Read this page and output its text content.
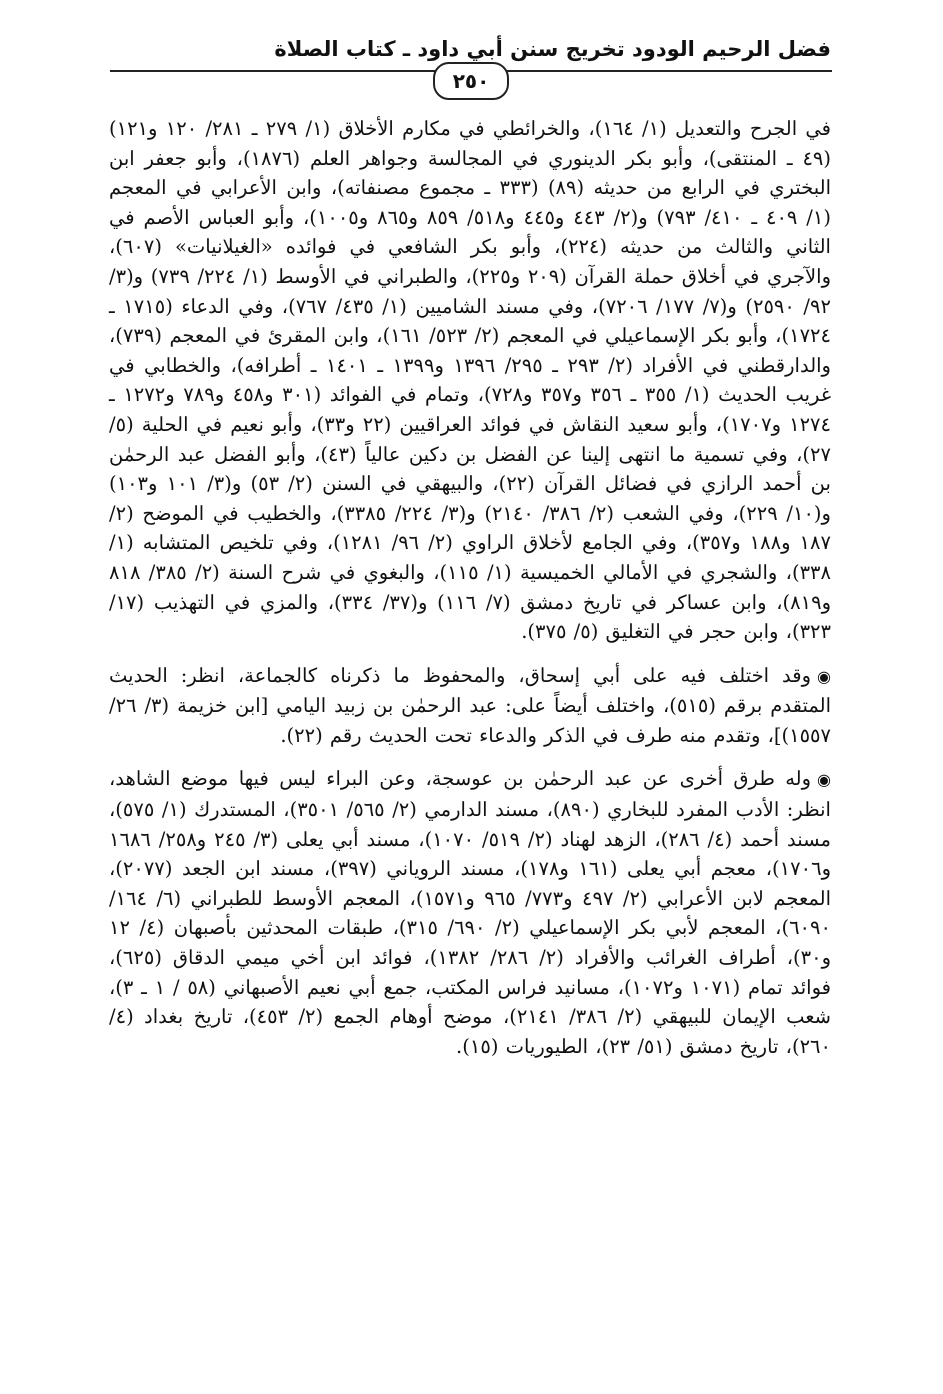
فضل الرحيم الودود تخريج سنن أبي داود ـ كتاب الصلاة
٢٥٠

في الجرح والتعديل (١/ ١٦٤)، والخرائطي في مكارم الأخلاق (١/ ٢٧٩ ـ ٢٨١/ ١٢٠ و١٢١) (٤٩ ـ المنتقى)، وأبو بكر الدينوري في المجالسة وجواهر العلم (١٨٧٦)، وأبو جعفر ابن البختري في الرابع من حديثه (٨٩) (٣٣٣ ـ مجموع مصنفاته)، وابن الأعرابي في المعجم (١/ ٤٠٩ ـ ٤١٠/ ٧٩٣) و(٢/ ٤٤٣ و٤٤٥ و٥١٨/ ٨٥٩ و٨٦٥ و١٠٠٥)، وأبو العباس الأصم في الثاني والثالث من حديثه (٢٢٤)، وأبو بكر الشافعي في فوائده «الغيلانيات» (٦٠٧)، والآجري في أخلاق حملة القرآن (٢٠٩ و٢٢٥)، والطبراني في الأوسط (١/ ٢٢٤/ ٧٣٩) و(٣/ ٩٢/ ٢٥٩٠) و(٧/ ١٧٧/ ٧٢٠٦)، وفي مسند الشاميين (١/ ٤٣٥/ ٧٦٧)، وفي الدعاء (١٧١٥ ـ ١٧٢٤)، وأبو بكر الإسماعيلي في المعجم (٢/ ٥٢٣/ ١٦١)، وابن المقرئ في المعجم (٧٣٩)، والدارقطني في الأفراد (٢/ ٢٩٣ ـ ٢٩٥/ ١٣٩٦ و١٣٩٩ ـ ١٤٠١ ـ أطرافه)، والخطابي في غريب الحديث (١/ ٣٥٥ ـ ٣٥٦ و٣٥٧ و٧٢٨)، وتمام في الفوائد (٣٠١ و٤٥٨ و٧٨٩ و١٢٧٢ ـ ١٢٧٤ و١٧٠٧)، وأبو سعيد النقاش في فوائد العراقيين (٢٢ و٣٣)، وأبو نعيم في الحلية (٥/ ٢٧)، وفي تسمية ما انتهى إلينا عن الفضل بن دكين عالياً (٤٣)، وأبو الفضل عبد الرحمٰن بن أحمد الرازي في فضائل القرآن (٢٢)، والبيهقي في السنن (٢/ ٥٣) و(٣/ ١٠١ و١٠٣) و(١٠/ ٢٢٩)، وفي الشعب (٢/ ٣٨٦/ ٢١٤٠) و(٣/ ٢٢٤/ ٣٣٨٥)، والخطيب في الموضح (٢/ ١٨٧ و١٨٨ و٣٥٧)، وفي الجامع لأخلاق الراوي (٢/ ٩٦/ ١٢٨١)، وفي تلخيص المتشابه (١/ ٣٣٨)، والشجري في الأمالي الخميسية (١/ ١١٥)، والبغوي في شرح السنة (٢/ ٣٨٥/ ٨١٨ و٨١٩)، وابن عساكر في تاريخ دمشق (٧/ ١١٦) و(٣٧/ ٣٣٤)، والمزي في التهذيب (١٧/ ٣٢٣)، وابن حجر في التغليق (٥/ ٣٧٥).

◉وقد اختلف فيه على أبي إسحاق، والمحفوظ ما ذكرناه كالجماعة، انظر: الحديث المتقدم برقم (٥١٥)، واختلف أيضاً على: عبد الرحمٰن بن زبيد اليامي [ابن خزيمة (٣/ ٢٦/ ١٥٥٧)]، وتقدم منه طرف في الذكر والدعاء تحت الحديث رقم (٢٢).

◉وله طرق أخرى عن عبد الرحمٰن بن عوسجة، وعن البراء ليس فيها موضع الشاهد، انظر: الأدب المفرد للبخاري (٨٩٠)، مسند الدارمي (٢/ ٥٦٥/ ٣٥٠١)، المستدرك (١/ ٥٧٥)، مسند أحمد (٤/ ٢٨٦)، الزهد لهناد (٢/ ٥١٩/ ١٠٧٠)، مسند أبي يعلى (٣/ ٢٤٥ و٢٥٨/ ١٦٨٦ و١٧٠٦)، معجم أبي يعلى (١٦١ و١٧٨)، مسند الروياني (٣٩٧)، مسند ابن الجعد (٢٠٧٧)، المعجم لابن الأعرابي (٢/ ٤٩٧ و٧٧٣/ ٩٦٥ و١٥٧١)، المعجم الأوسط للطبراني (٦/ ١٦٤/ ٦٠٩٠)، المعجم لأبي بكر الإسماعيلي (٢/ ٦٩٠/ ٣١٥)، طبقات المحدثين بأصبهان (٤/ ١٢ و٣٠)، أطراف الغرائب والأفراد (٢/ ٢٨٦/ ١٣٨٢)، فوائد ابن أخي ميمي الدقاق (٦٢٥)، فوائد تمام (١٠٧١ و١٠٧٢)، مسانيد فراس المكتب، جمع أبي نعيم الأصبهاني (٥٨ / ١ ـ ٣)، شعب الإيمان للبيهقي (٢/ ٣٨٦/ ٢١٤١)، موضح أوهام الجمع (٢/ ٤٥٣)، تاريخ بغداد (٤/ ٢٦٠)، تاريخ دمشق (٥١/ ٢٣)، الطيوريات (١٥).
